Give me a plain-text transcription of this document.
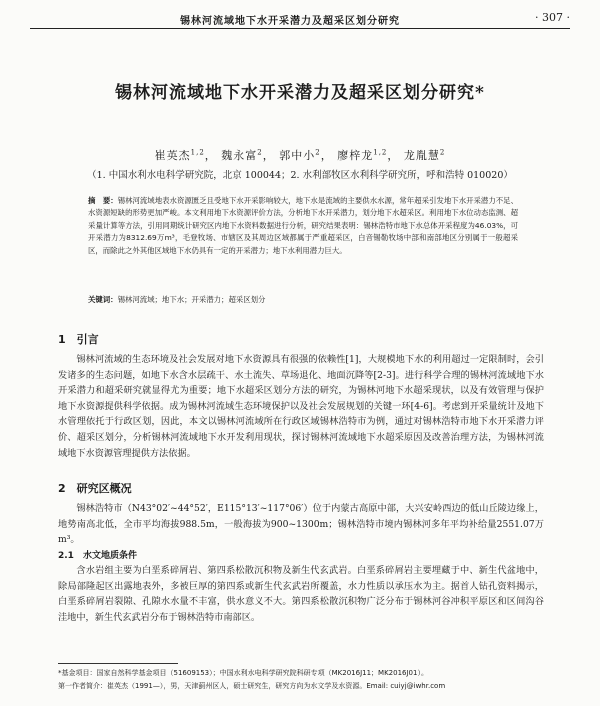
锡林河流域地下水开采潜力及超采区划分研究	· 307 ·
锡林河流域地下水开采潜力及超采区划分研究*
崔英杰$^{1,2}$， 魏永富$^2$， 郭中小$^2$， 廖梓龙$^{1,2}$， 龙胤慧$^2$
（1. 中国水利水电科学研究院，北京 100044；2. 水利部牧区水利科学研究所，呼和浩特 010020）
摘　要：锡林河流域地表水资源匮乏且受地下水开采影响较大，地下水是流域的主要供水水源，常年超采引发地下水开采潜力不足、水资源短缺的形势更加严峻。本文利用地下水资源评价方法，分析地下水开采潜力，划分地下水超采区。利用地下水位动态监测、超采量计算等方法，引用同期统计研究区内地下水资料数据进行分析，研究结果表明：锡林浩特市地下水总体开采程度为46.03%，可开采潜力为8312.69万m³，毛登牧场、市辖区及其周边区域都属于严重超采区，白音锡勒牧场中部和南部地区分别属于一般超采区，而除此之外其他区域地下水仍具有一定的开采潜力；地下水利用潜力巨大。
关键词：锡林河流域；地下水；开采潜力；超采区划分
1　引言
锡林河流域的生态环境及社会发展对地下水资源具有很强的依赖性[1]，大规模地下水的利用超过一定限制时，会引发诸多的生态问题，如地下水含水层疏干、水土流失、草场退化、地面沉降等[2-3]。进行科学合理的锡林河流域地下水开采潜力和超采研究就显得尤为重要；地下水超采区划分方法的研究，为锡林河地下水超采现状，以及有效管理与保护地下水资源提供科学依据。成为锡林河流域生态环境保护以及社会发展规划的关键一环[4-6]。考虑到开采量统计及地下水管理依托于行政区划，因此，本文以锡林河流域所在行政区域锡林浩特市为例，通过对锡林浩特市地下水开采潜力评价、超采区划分，分析锡林河流域地下水开发利用现状，探讨锡林河流域地下水超采原因及改善治理方法，为锡林河流域地下水资源管理提供方法依据。
2　研究区概况
锡林浩特市（N43°02′~44°52′，E115°13′~117°06′）位于内蒙古高原中部，大兴安岭西边的低山丘陵边缘上，地势南高北低，全市平均海拔988.5m，一般海拔为900~1300m；锡林浩特市境内锡林河多年平均补给量2551.07万m³。
2.1　水文地质条件
含水岩组主要为白垩系碎屑岩、第四系松散沉积物及新生代玄武岩。白垩系碎屑岩主要埋藏于中、新生代盆地中，除局部隆起区出露地表外，多被巨厚的第四系或新生代玄武岩所覆盖，水力性质以承压水为主。据首人钻孔资料揭示，白垩系碎屑岩裂隙、孔隙水水量不丰富，供水意义不大。第四系松散沉积物广泛分布于锡林河谷冲积平原区和区间沟谷洼地中，新生代玄武岩分布于锡林浩特市南部区。
*基金项目：国家自然科学基金项目（51609153）；中国水利水电科学研究院科研专项（MK2016J11；MK2016J01）。
第一作者简介：崔英杰（1991—），男，天津蓟州区人，硕士研究生，研究方向为水文学及水资源。Email: cuiyj@iwhr.com
